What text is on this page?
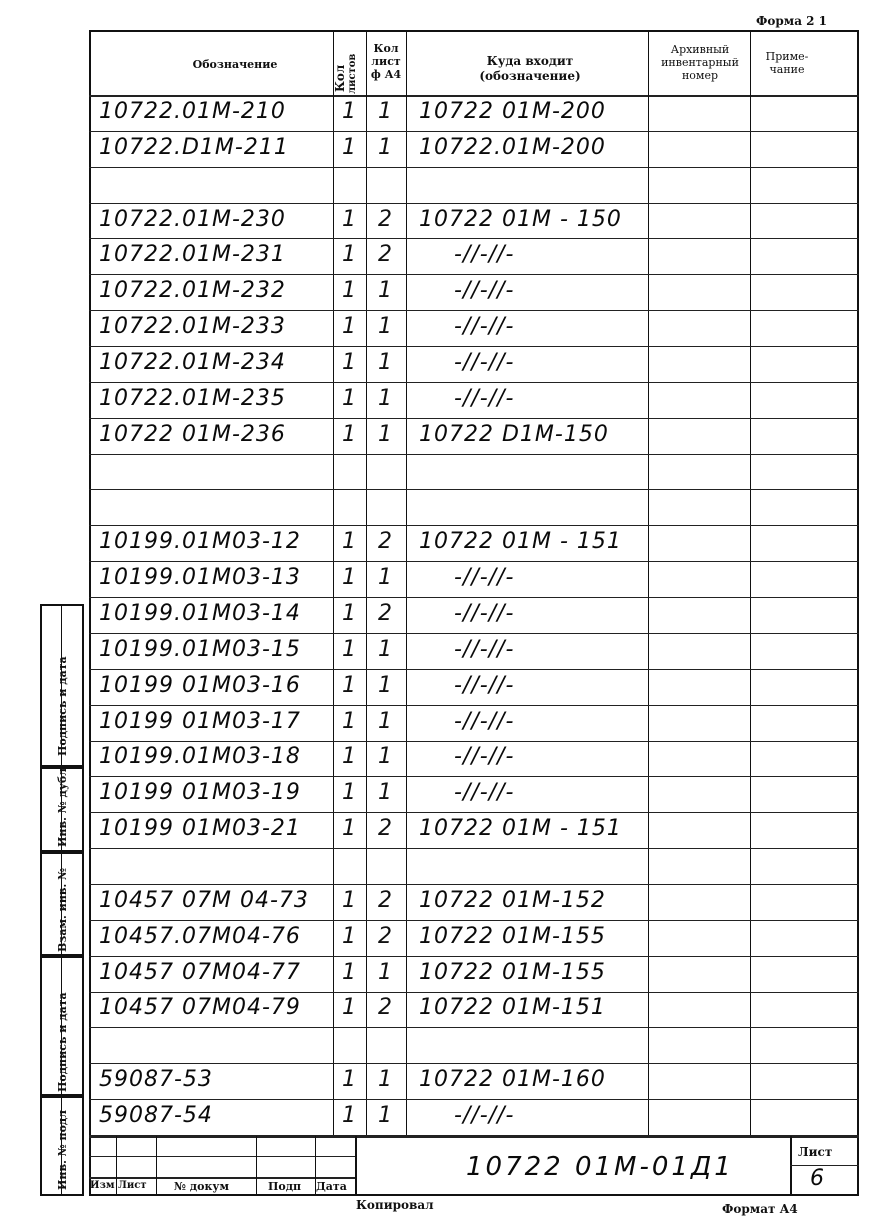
Форма 2 1
Обозначение
Кол листов
Кол
лист
ф А4
Куда входит
(обозначение)
Архивный
инвентарный
номер
Приме-
чание
10722.01M-210	1	1	10722 01M-200
10722.D1M-211	1	1	10722.01M-200
10722.01M-230	1	2	10722 01M - 150
10722.01M-231	1	2	-//-//-
10722.01M-232	1	1	-//-//-
10722.01M-233	1	1	-//-//-
10722.01M-234	1	1	-//-//-
10722.01M-235	1	1	-//-//-
10722 01M-236	1	1	10722 D1M-150
10199.01M03-12	1	2	10722 01M - 151
10199.01M03-13	1	1	-//-//-
10199.01M03-14	1	2	-//-//-
10199.01M03-15	1	1	-//-//-
10199 01M03-16	1	1	-//-//-
10199 01M03-17	1	1	-//-//-
10199.01M03-18	1	1	-//-//-
10199 01M03-19	1	1	-//-//-
10199 01M03-21	1	2	10722 01M - 151
10457 07M 04-73	1	2	10722 01M-152
10457.07M04-76	1	2	10722 01M-155
10457 07M04-77	1	1	10722 01M-155
10457 07M04-79	1	2	10722 01M-151
59087-53	1	1	10722 01M-160
59087-54	1	1	-//-//-
Подпись и дата
Инв. № дубл.
Взам. инв. №
Подпись и дата
Инв. № подл Изм Лист № докум	Подп Дата
10722 01M-01Д1	Лист
6
Копировал	Формат А4
